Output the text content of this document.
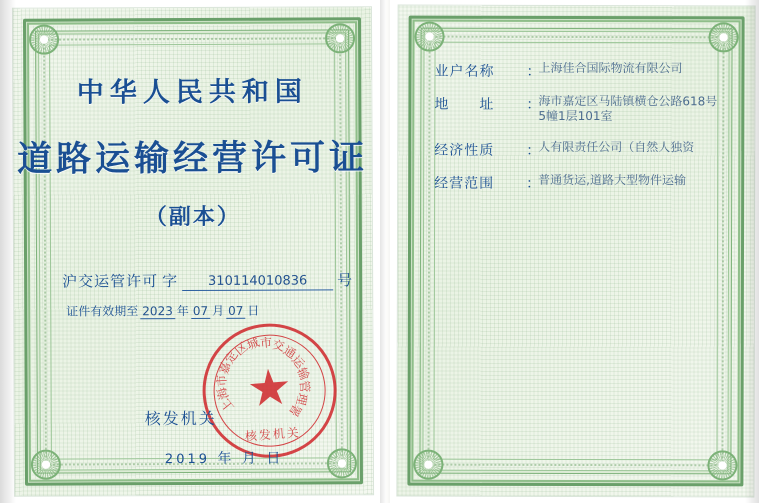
中华人民共和国
道路运输经营许可证
（副本）
沪交运管许可 字	310114010836	号
证件有效期至 2023 年 07 月 07 日
上
海
市
嘉
定
区
城
市
交
通
运
输
管
理
署
核发机关
核发机关
2019 年 月 日
业户名称	：
上海佳合国际物流有限公司
地　　址	：
海市嘉定区马陆镇横仓公路618号5幢1层101室
经济性质	：
人有限责任公司（自然人独资
经营范围	：
普通货运,道路大型物件运输
